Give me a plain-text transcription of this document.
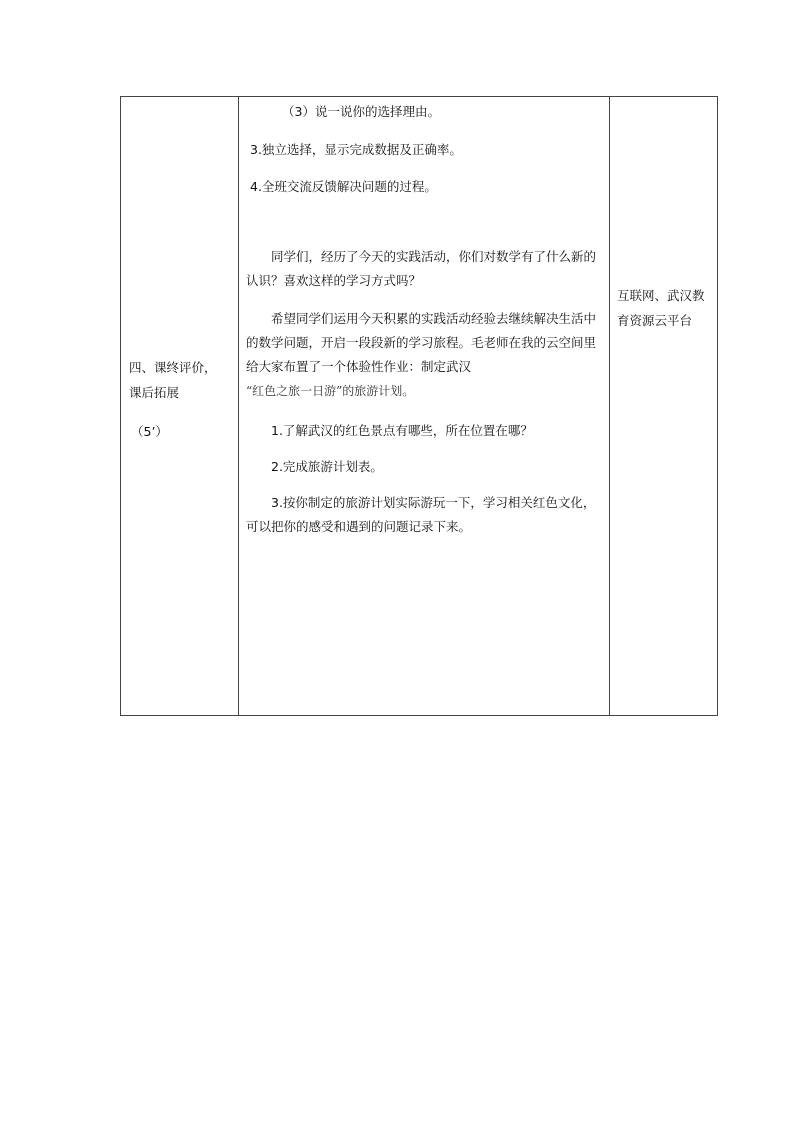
四、课终评价，
课后拓展
（5’）
（3）说一说你的选择理由。
3.独立选择，显示完成数据及正确率。
4.全班交流反馈解决问题的过程。
同学们，经历了今天的实践活动，你们对数学有了什么新的认识？喜欢这样的学习方式吗？
希望同学们运用今天积累的实践活动经验去继续解决生活中的数学问题，开启一段段新的学习旅程。毛老师在我的云空间里给大家布置了一个体验性作业：制定武汉
“红色之旅一日游”的旅游计划。
1.了解武汉的红色景点有哪些，所在位置在哪？
2.完成旅游计划表。
3.按你制定的旅游计划实际游玩一下，学习相关红色文化，可以把你的感受和遇到的问题记录下来。
互联网、武汉教育资源云平台
